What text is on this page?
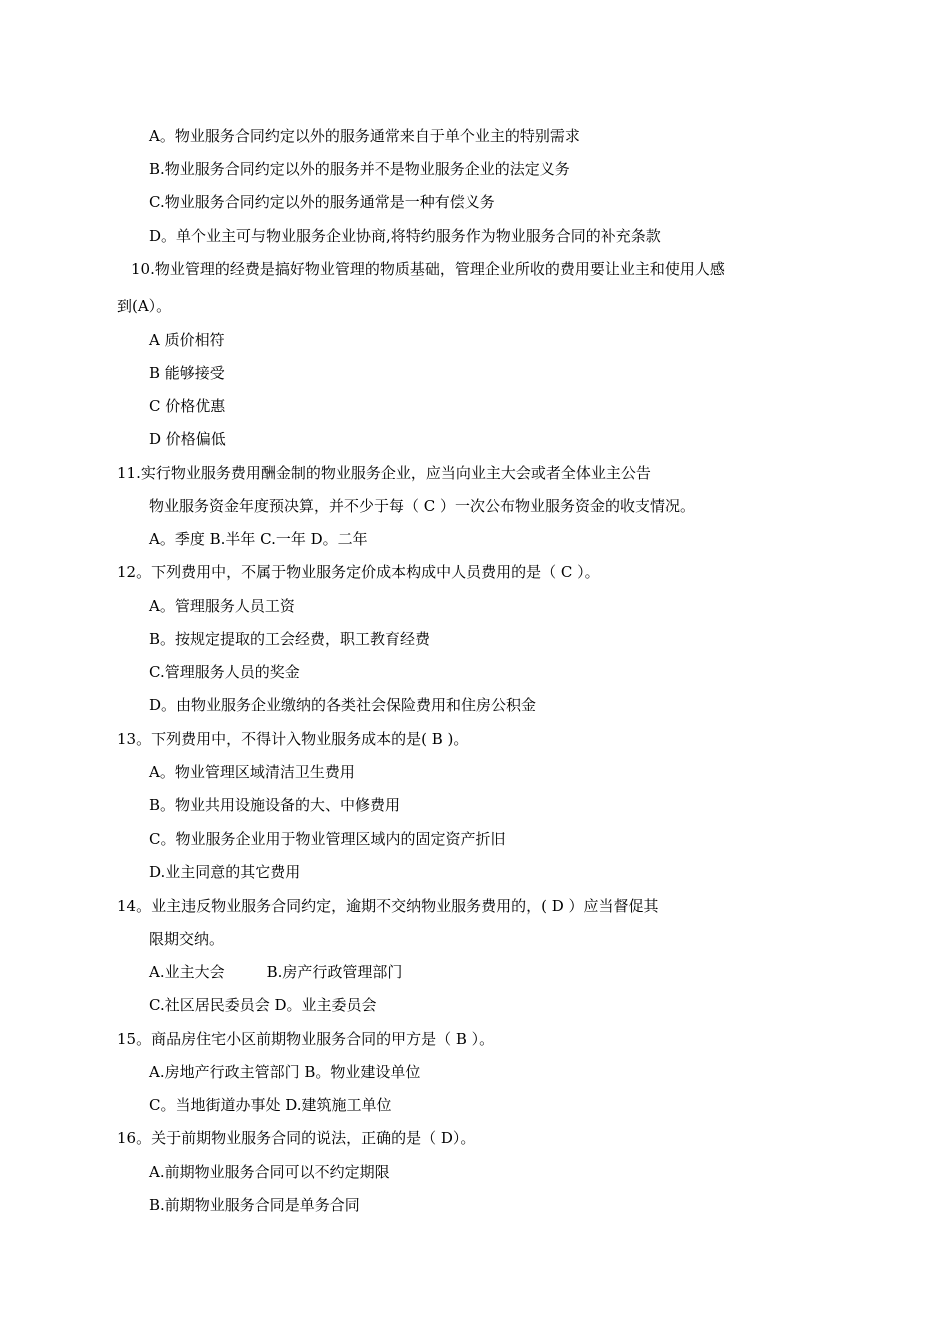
A。物业服务合同约定以外的服务通常来自于单个业主的特别需求
B.物业服务合同约定以外的服务并不是物业服务企业的法定义务
C.物业服务合同约定以外的服务通常是一种有偿义务
D。单个业主可与物业服务企业协商,将特约服务作为物业服务合同的补充条款
10.物业管理的经费是搞好物业管理的物质基础，管理企业所收的费用要让业主和使用人感
到(A）。
A 质价相符
B 能够接受
C 价格优惠
D 价格偏低
11.实行物业服务费用酬金制的物业服务企业，应当向业主大会或者全体业主公告
物业服务资金年度预决算，并不少于每（ C ）一次公布物业服务资金的收支情况。
A。季度 B.半年 C.一年 D。二年
12。下列费用中，不属于物业服务定价成本构成中人员费用的是（ C ）。
A。管理服务人员工资
B。按规定提取的工会经费，职工教育经费
C.管理服务人员的奖金
D。由物业服务企业缴纳的各类社会保险费用和住房公积金
13。下列费用中，不得计入物业服务成本的是( B )。
A。物业管理区域清洁卫生费用
B。物业共用设施设备的大、中修费用
C。物业服务企业用于物业管理区域内的固定资产折旧
D.业主同意的其它费用
14。业主违反物业服务合同约定，逾期不交纳物业服务费用的，( D ）应当督促其
限期交纳。
A.业主大会	B.房产行政管理部门
C.社区居民委员会 D。业主委员会
15。商品房住宅小区前期物业服务合同的甲方是（ B ）。
A.房地产行政主管部门 B。物业建设单位
C。当地街道办事处 D.建筑施工单位
16。关于前期物业服务合同的说法，正确的是（ D）。
A.前期物业服务合同可以不约定期限
B.前期物业服务合同是单务合同
